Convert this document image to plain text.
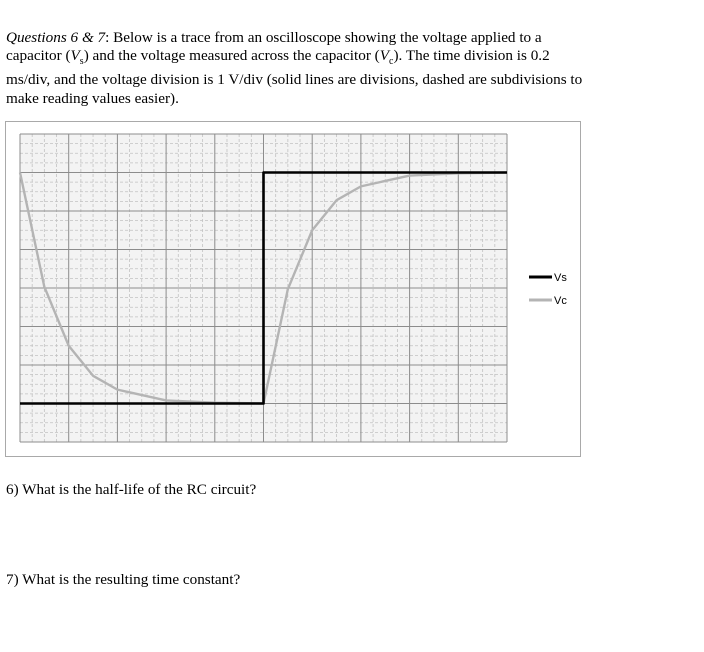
Questions 6 & 7: Below is a trace from an oscilloscope showing the voltage applied to a capacitor $(V_s)$ and the voltage measured across the capacitor $(V_c)$. The time division is 0.2 ms/div, and the voltage division is 1 V/div (solid lines are divisions, dashed are subdivisions to make reading values easier).
Vs
Vc
6) What is the half-life of the RC circuit?
7) What is the resulting time constant?
